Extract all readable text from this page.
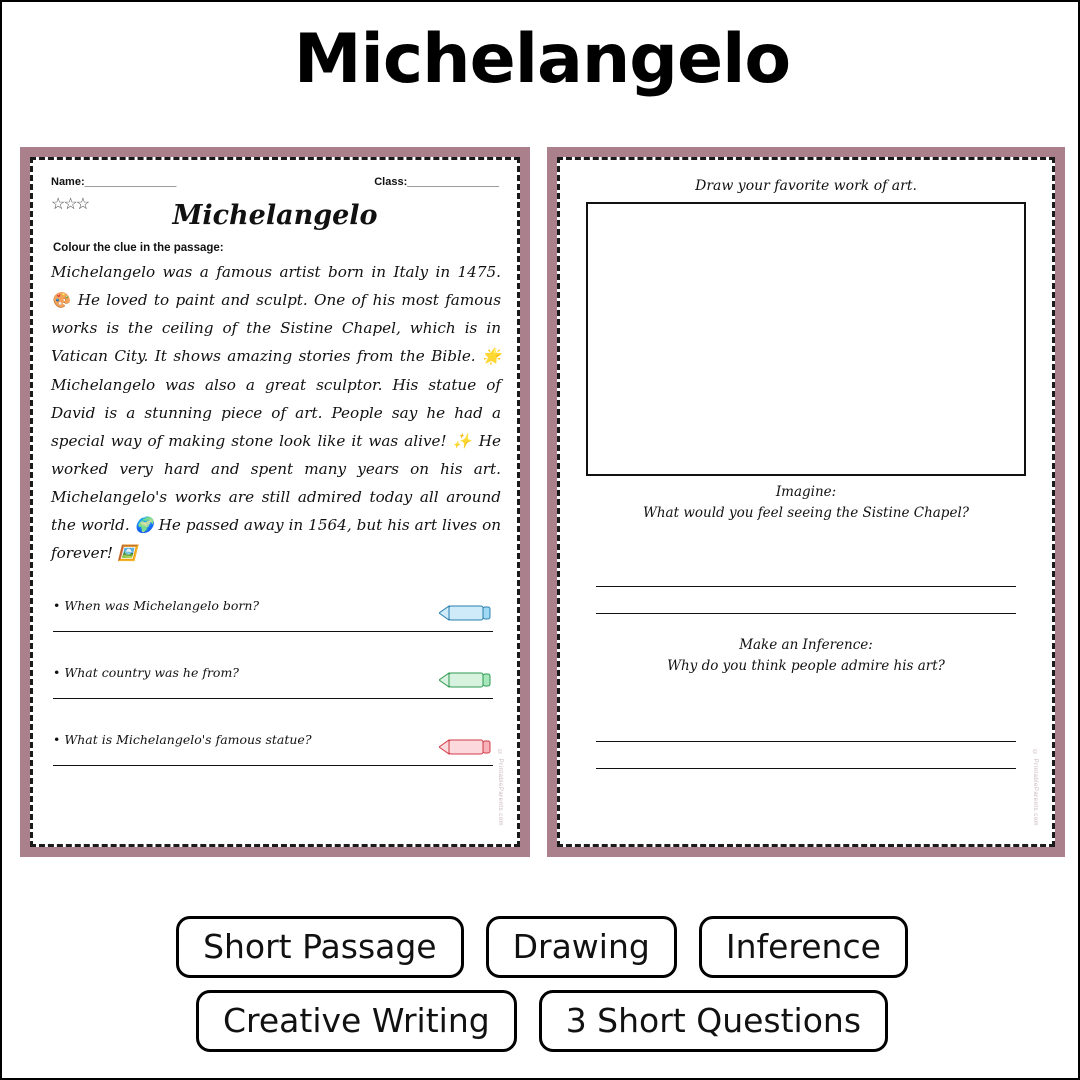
Michelangelo
Name:_______________	Class:_______________
☆☆☆	Michelangelo
Colour the clue in the passage:
Michelangelo was a famous artist born in Italy in 1475. 🎨 He loved to paint and sculpt. One of his most famous works is the ceiling of the Sistine Chapel, which is in Vatican City. It shows amazing stories from the Bible. 🌟 Michelangelo was also a great sculptor. His statue of David is a stunning piece of art. People say he had a special way of making stone look like it was alive! ✨ He worked very hard and spent many years on his art. Michelangelo's works are still admired today all around the world. 🌍 He passed away in 1564, but his art lives on forever! 🖼️
• When was Michelangelo born?
• What country was he from?
• What is Michelangelo's famous statue?
© PrintableParents.com
Draw your favorite work of art.
Imagine:
What would you feel seeing the Sistine Chapel?
Make an Inference:
Why do you think people admire his art?
© PrintableParents.com
Short Passage	Drawing	Inference
Creative Writing	3 Short Questions
